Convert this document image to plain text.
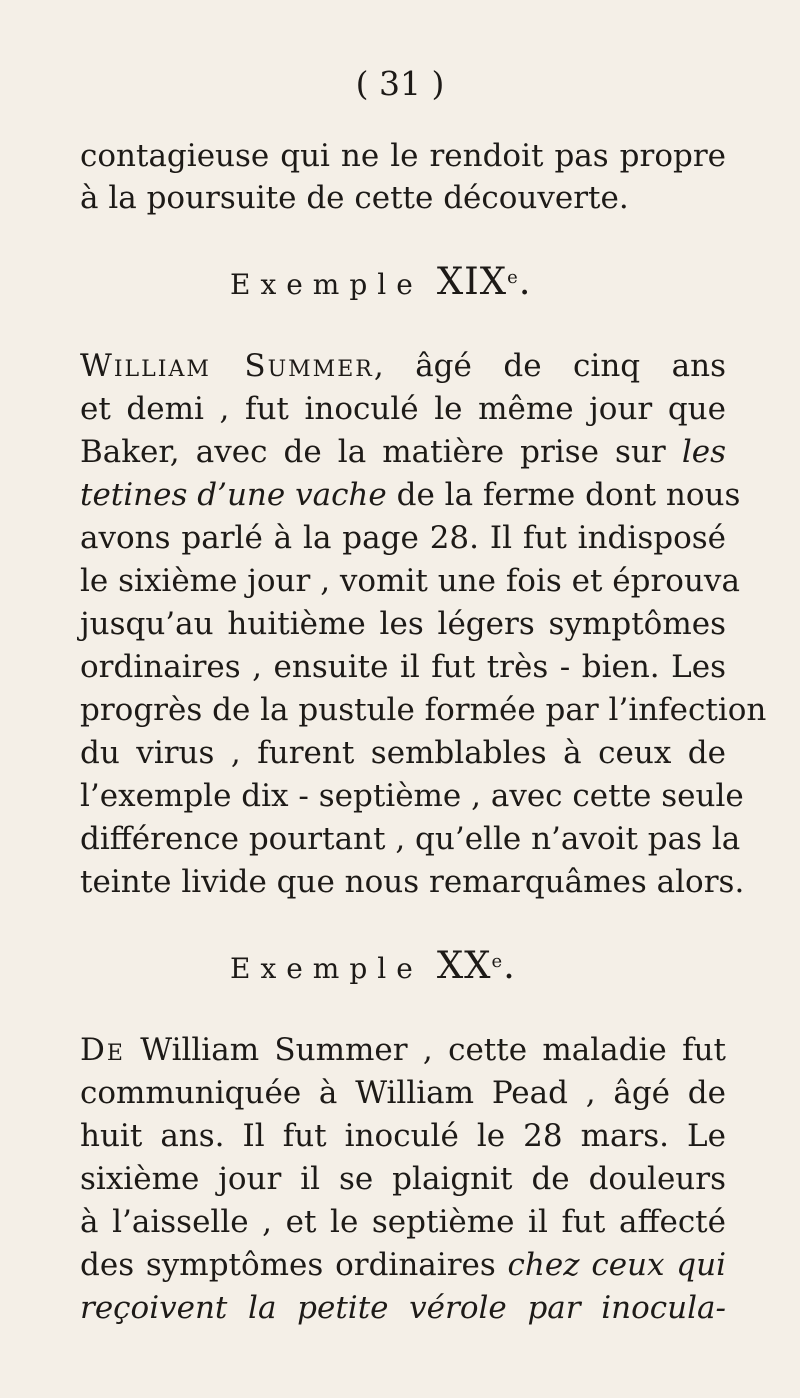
( 31 )
contagieuse qui ne le rendoit pas propre
à la poursuite de cette découverte.
Exemple XIXe.
William Summer, âgé de cinq ans
et demi , fut inoculé le même jour que
Baker, avec de la matière prise sur les
tetines d’une vache de la ferme dont nous
avons parlé à la page 28. Il fut indisposé
le sixième jour , vomit une fois et éprouva
jusqu’au huitième les légers symptômes
ordinaires , ensuite il fut très - bien. Les
progrès de la pustule formée par l’infection
du virus , furent semblables à ceux de
l’exemple dix - septième , avec cette seule
différence pourtant , qu’elle n’avoit pas la
teinte livide que nous remarquâmes alors.
Exemple XXe.
De William Summer , cette maladie fut
communiquée à William Pead , âgé de
huit ans. Il fut inoculé le 28 mars. Le
sixième jour il se plaignit de douleurs
à l’aisselle , et le septième il fut affecté
des symptômes ordinaires chez ceux qui
reçoivent la petite vérole par inocula-
